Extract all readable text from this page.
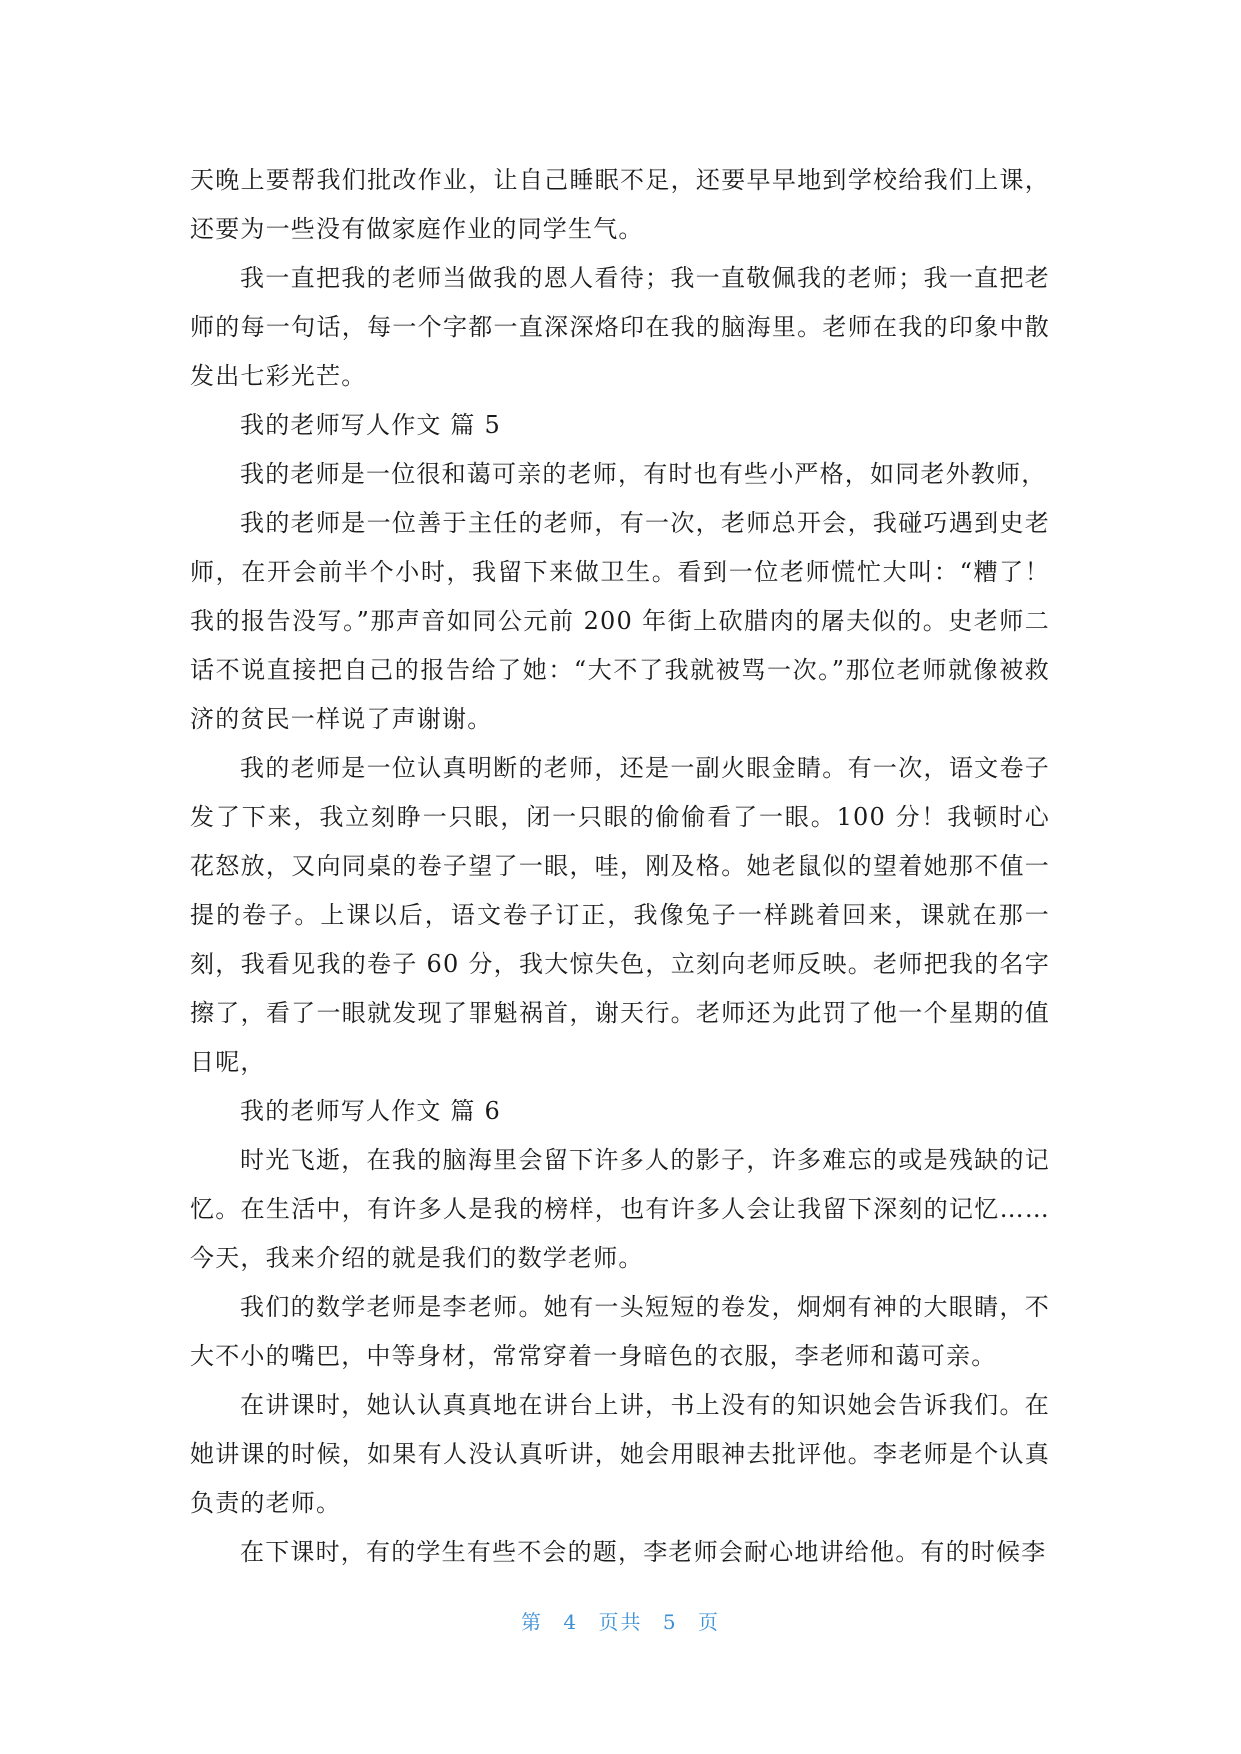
天晚上要帮我们批改作业，让自己睡眠不足，还要早早地到学校给我们上课，还要为一些没有做家庭作业的同学生气。

我一直把我的老师当做我的恩人看待；我一直敬佩我的老师；我一直把老师的每一句话，每一个字都一直深深烙印在我的脑海里。老师在我的印象中散发出七彩光芒。

我的老师写人作文 篇 5

我的老师是一位很和蔼可亲的老师，有时也有些小严格，如同老外教师，

我的老师是一位善于主任的老师，有一次，老师总开会，我碰巧遇到史老师，在开会前半个小时，我留下来做卫生。看到一位老师慌忙大叫：“糟了！我的报告没写。”那声音如同公元前 200 年街上砍腊肉的屠夫似的。史老师二话不说直接把自己的报告给了她：“大不了我就被骂一次。”那位老师就像被救济的贫民一样说了声谢谢。

我的老师是一位认真明断的老师，还是一副火眼金睛。有一次，语文卷子发了下来，我立刻睁一只眼，闭一只眼的偷偷看了一眼。100 分！我顿时心花怒放，又向同桌的卷子望了一眼，哇，刚及格。她老鼠似的望着她那不值一提的卷子。上课以后，语文卷子订正，我像兔子一样跳着回来，课就在那一刻，我看见我的卷子 60 分，我大惊失色，立刻向老师反映。老师把我的名字擦了，看了一眼就发现了罪魁祸首，谢天行。老师还为此罚了他一个星期的值日呢，

我的老师写人作文 篇 6

时光飞逝，在我的脑海里会留下许多人的影子，许多难忘的或是残缺的记忆。在生活中，有许多人是我的榜样，也有许多人会让我留下深刻的记忆……今天，我来介绍的就是我们的数学老师。

我们的数学老师是李老师。她有一头短短的卷发，炯炯有神的大眼睛，不大不小的嘴巴，中等身材，常常穿着一身暗色的衣服，李老师和蔼可亲。

在讲课时，她认认真真地在讲台上讲，书上没有的知识她会告诉我们。在她讲课的时候，如果有人没认真听讲，她会用眼神去批评他。李老师是个认真负责的老师。

在下课时，有的学生有些不会的题，李老师会耐心地讲给他。有的时候李

第 4 页共 5 页
